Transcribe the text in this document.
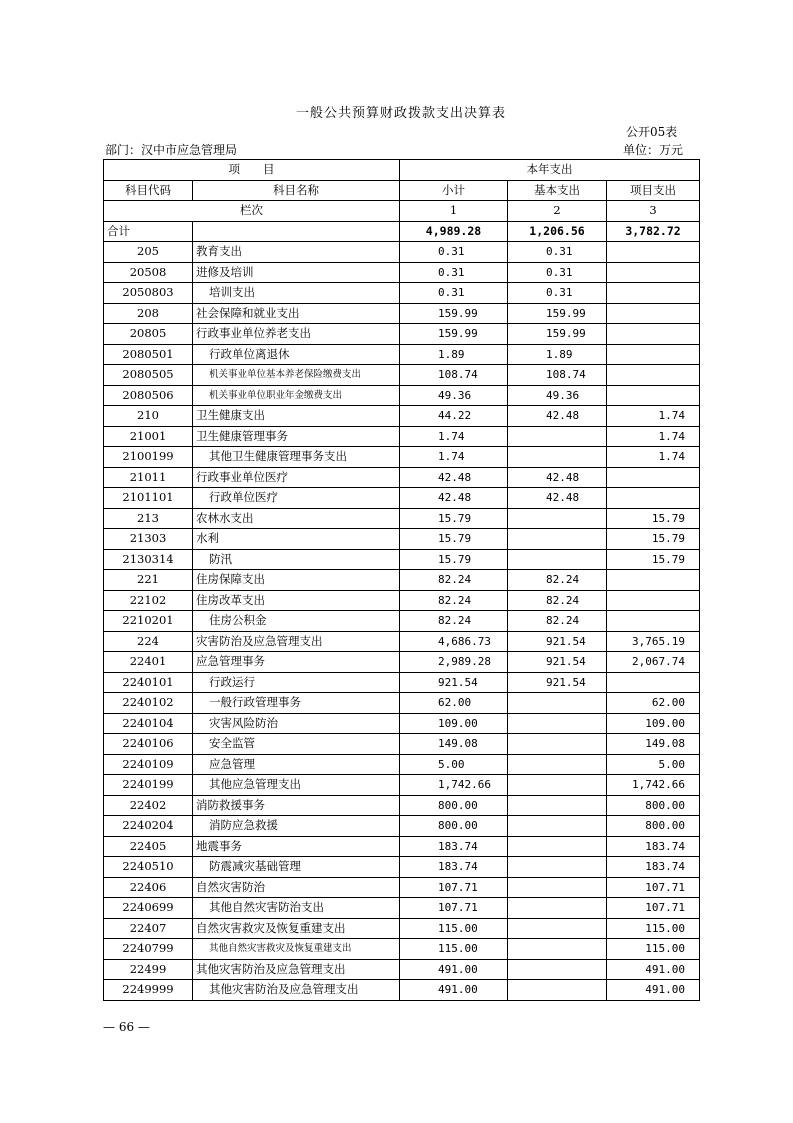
一般公共预算财政拨款支出决算表
公开05表
部门：汉中市应急管理局	单位：万元
项　　目		本年支出		
科目代码	科目名称	小计	基本支出	项目支出
栏次		1	2	3
合计		4,989.28	1,206.56	3,782.72
205	教育支出	0.31	0.31	
20508	进修及培训	0.31	0.31	
2050803	培训支出	0.31	0.31	
208	社会保障和就业支出	159.99	159.99	
20805	行政事业单位养老支出	159.99	159.99	
2080501	行政单位离退休	1.89	1.89	
2080505	机关事业单位基本养老保险缴费支出	108.74	108.74	
2080506	机关事业单位职业年金缴费支出	49.36	49.36	
210	卫生健康支出	44.22	42.48	1.74
21001	卫生健康管理事务	1.74		1.74
2100199	其他卫生健康管理事务支出	1.74		1.74
21011	行政事业单位医疗	42.48	42.48	
2101101	行政单位医疗	42.48	42.48	
213	农林水支出	15.79		15.79
21303	水利	15.79		15.79
2130314	防汛	15.79		15.79
221	住房保障支出	82.24	82.24	
22102	住房改革支出	82.24	82.24	
2210201	住房公积金	82.24	82.24	
224	灾害防治及应急管理支出	4,686.73	921.54	3,765.19
22401	应急管理事务	2,989.28	921.54	2,067.74
2240101	行政运行	921.54	921.54	
2240102	一般行政管理事务	62.00		62.00
2240104	灾害风险防治	109.00		109.00
2240106	安全监管	149.08		149.08
2240109	应急管理	5.00		5.00
2240199	其他应急管理支出	1,742.66		1,742.66
22402	消防救援事务	800.00		800.00
2240204	消防应急救援	800.00		800.00
22405	地震事务	183.74		183.74
2240510	防震减灾基础管理	183.74		183.74
22406	自然灾害防治	107.71		107.71
2240699	其他自然灾害防治支出	107.71		107.71
22407	自然灾害救灾及恢复重建支出	115.00		115.00
2240799	其他自然灾害救灾及恢复重建支出	115.00		115.00
22499	其他灾害防治及应急管理支出	491.00		491.00
2249999	其他灾害防治及应急管理支出	491.00		491.00
— 66 —
